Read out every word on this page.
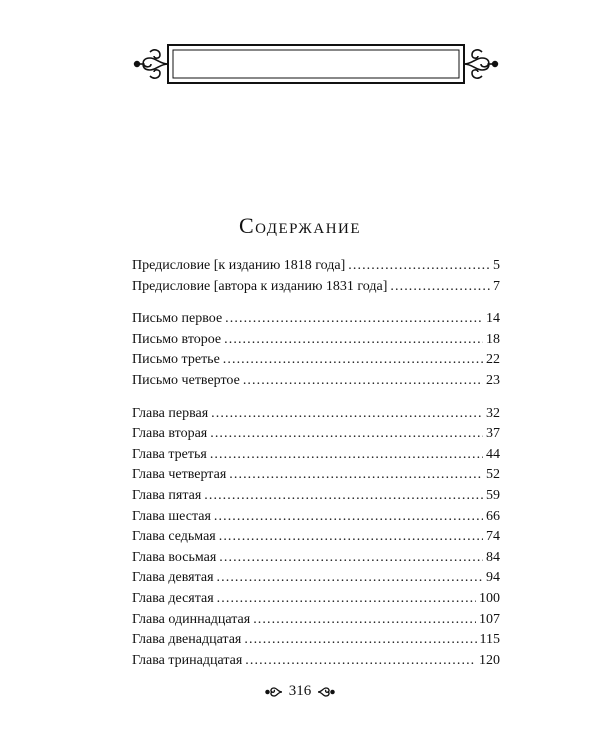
Содержание
Предисловие [к изданию 1818 года] . . .	5
Предисловие [автора к изданию 1831 года] . . .	7
Письмо первое . . .	14
Письмо второе . . .	18
Письмо третье . . .	22
Письмо четвертое . . .	23
Глава первая . . .	32
Глава вторая . . .	37
Глава третья . . .	44
Глава четвертая . . .	52
Глава пятая . . .	59
Глава шестая . . .	66
Глава седьмая . . .	74
Глава восьмая . . .	84
Глава девятая . . .	94
Глава десятая . . .	100
Глава одиннадцатая . . .	107
Глава двенадцатая . . .	115
Глава тринадцатая . . .	120
316
